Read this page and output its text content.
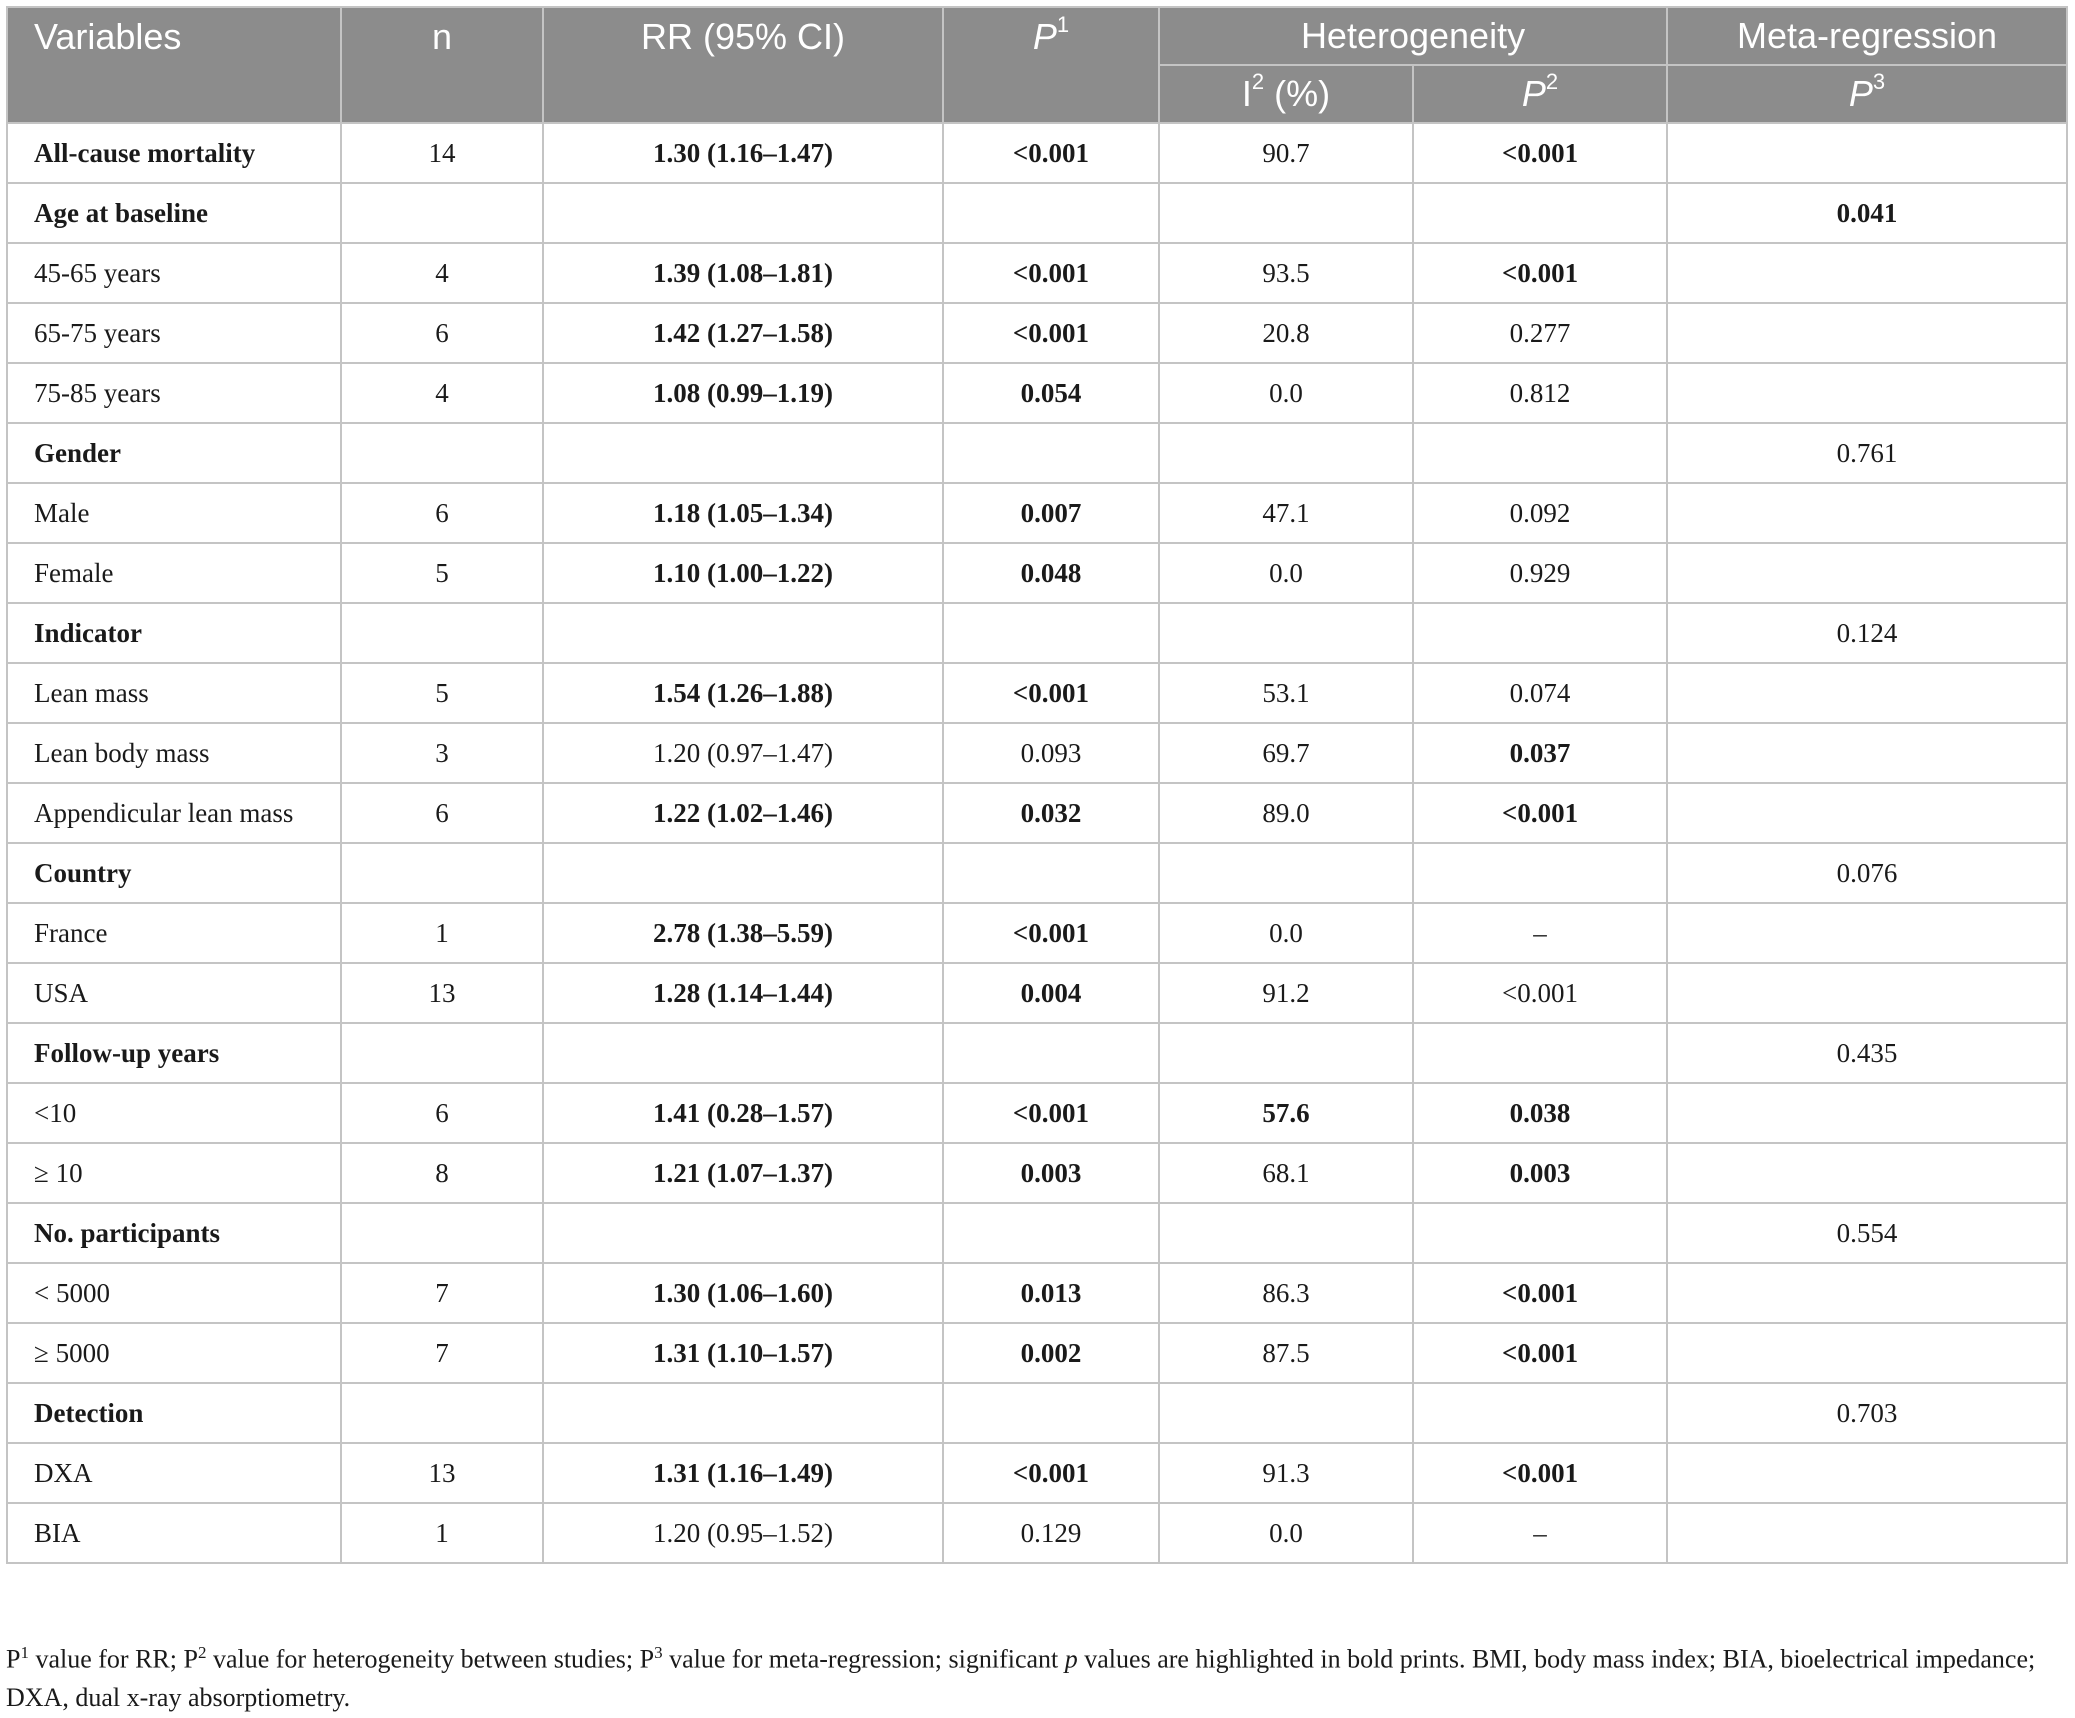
Variables	n	RR (95% CI)	$P^1$	Heterogeneity		Meta-regression
				$I^2$ (%)	$P^2$	$P^3$
All-cause mortality	14	1.30 (1.16–1.47)	<0.001	90.7	<0.001	
Age at baseline						0.041
45-65 years	4	1.39 (1.08–1.81)	<0.001	93.5	<0.001	
65-75 years	6	1.42 (1.27–1.58)	<0.001	20.8	0.277	
75-85 years	4	1.08 (0.99–1.19)	0.054	0.0	0.812	
Gender						0.761
Male	6	1.18 (1.05–1.34)	0.007	47.1	0.092	
Female	5	1.10 (1.00–1.22)	0.048	0.0	0.929	
Indicator						0.124
Lean mass	5	1.54 (1.26–1.88)	<0.001	53.1	0.074	
Lean body mass	3	1.20 (0.97–1.47)	0.093	69.7	0.037	
Appendicular lean mass	6	1.22 (1.02–1.46)	0.032	89.0	<0.001	
Country						0.076
France	1	2.78 (1.38–5.59)	<0.001	0.0	–	
USA	13	1.28 (1.14–1.44)	0.004	91.2	<0.001	
Follow-up years						0.435
<10	6	1.41 (0.28–1.57)	<0.001	57.6	0.038	
≥ 10	8	1.21 (1.07–1.37)	0.003	68.1	0.003	
No. participants						0.554
< 5000	7	1.30 (1.06–1.60)	0.013	86.3	<0.001	
≥ 5000	7	1.31 (1.10–1.57)	0.002	87.5	<0.001	
Detection						0.703
DXA	13	1.31 (1.16–1.49)	<0.001	91.3	<0.001	
BIA	1	1.20 (0.95–1.52)	0.129	0.0	–	
$P^1$ value for RR; $P^2$ value for heterogeneity between studies; $P^3$ value for meta-regression; significant p values are highlighted in bold prints. BMI, body mass index; BIA, bioelectrical impedance; DXA, dual x-ray absorptiometry.
